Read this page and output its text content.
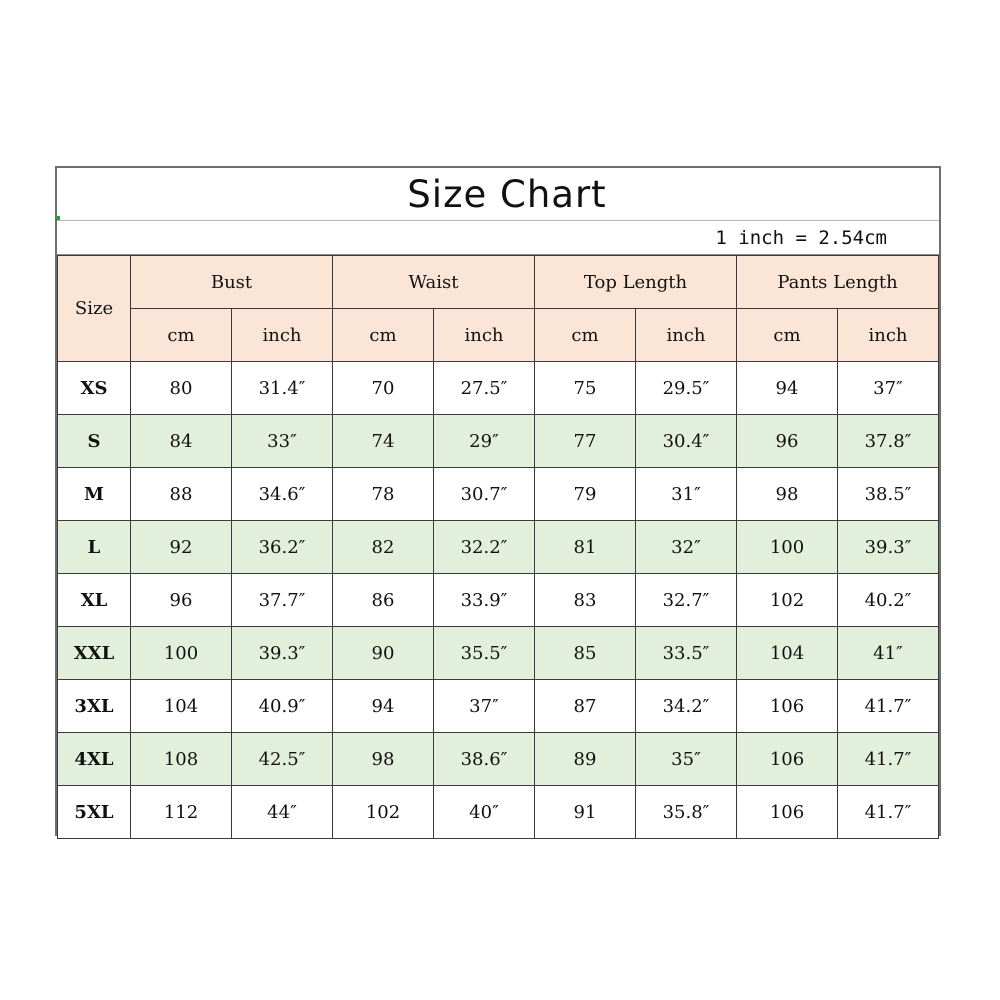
Size Chart
1 inch = 2.54cm
Size	Bust		Waist		Top Length		Pants Length	
	cm	inch	cm	inch	cm	inch	cm	inch
XS	80	31.4″	70	27.5″	75	29.5″	94	37″
S	84	33″	74	29″	77	30.4″	96	37.8″
M	88	34.6″	78	30.7″	79	31″	98	38.5″
L	92	36.2″	82	32.2″	81	32″	100	39.3″
XL	96	37.7″	86	33.9″	83	32.7″	102	40.2″
XXL	100	39.3″	90	35.5″	85	33.5″	104	41″
3XL	104	40.9″	94	37″	87	34.2″	106	41.7″
4XL	108	42.5″	98	38.6″	89	35″	106	41.7″
5XL	112	44″	102	40″	91	35.8″	106	41.7″
